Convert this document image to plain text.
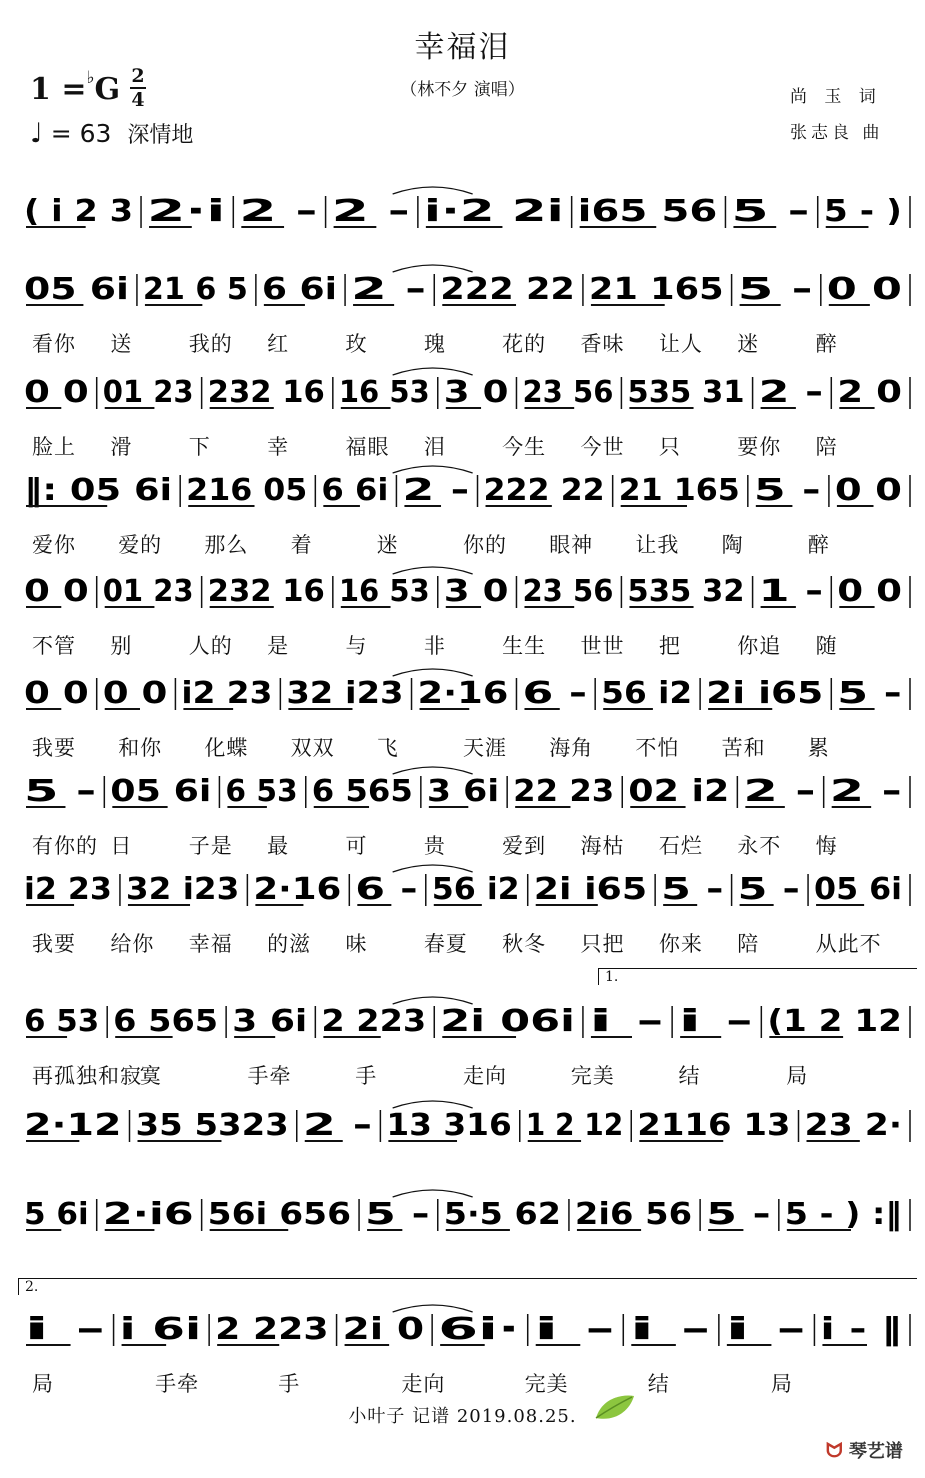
幸福泪
（林不夕 演唱）	尚 玉 词
张志良 曲
1 =♭G 2
4
♩ = 63 深情地
( i 2 3 2·i 2 - 2 - i·2 2i i65 56 5 - 5 - )
05 6i 21 6 5 6 6i 2 - 222 22 21 165 5 - 0 0
看你 送	我的 红	玫	瑰	花的 香味 让人 迷	醉
0 0 01 23 232 16 16 53 3 0 23 56 535 31 2 - 2 0
脸上 滑	下	幸	福眼 泪	今生 今世 只	要你 陪
‖: 05 6i 216 05 6 6i 2 - 222 22 21 165 5 - 0 0
爱你 爱的 那么 着	迷	你的 眼神 让我 陶	醉
0 0 01 23 232 16 16 53 3 0 23 56 535 32 1 - 0 0
不管 别	人的 是	与	非	生生 世世 把	你追 随
0 0 0 0 i2 23 32 i23 2·16 6 - 56 i2 2i i65 5 -
我要 和你 化蝶 双双 飞	天涯 海角 不怕 苦和 累
5 - 05 6i 6 53 6 565 3 6i 22 23 02 i2 2 - 2 -
有你的 日	子是 最	可	贵	爱到 海枯 石烂 永不 悔
i2 23 32 i23 2·16 6 - 56 i2 2i i65 5 - 5 - 05 6i
我要 给你 幸福 的滋 味	春夏 秋冬 只把 你来 陪	从此不
6 53 6 565 3 6i 2 223 2i 06i i - i - (1 2 12
再孤独和寂
寞	手牵	手	走向	完美	结	局
2·12 35 5323 2 - 13 316 1 2 12 2116 13 23 2·
5 6i 2·i6 56i 656 5 - 5·5 62 2i6 56 5 - 5 - ) :‖
i - i 6i 2 223 2i 0 6i· i - i - i - i - ‖
局	手牵	手	走向	完美	结	局
小叶子 记谱 2019.08.25.
ᗢ 琴艺谱
1.
2.
